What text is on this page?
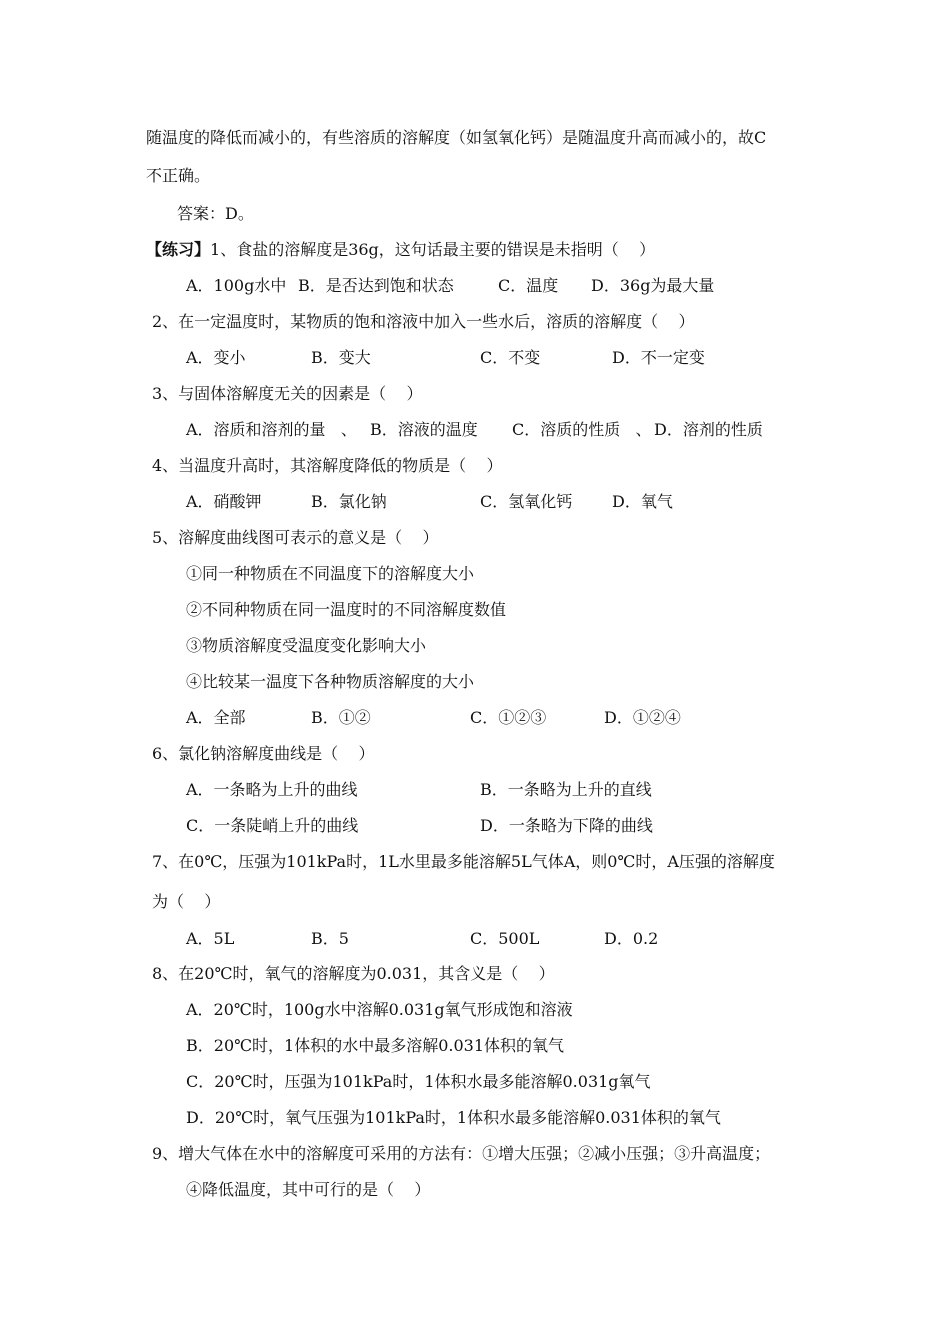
随温度的降低而减小的，有些溶质的溶解度（如氢氧化钙）是随温度升高而减小的，故C
不正确。
答案：D。
【练习】1、食盐的溶解度是36g，这句话最主要的错误是未指明（    ）
A．100g水中 B．是否达到饱和状态	C．温度 D．36g为最大量
2、在一定温度时，某物质的饱和溶液中加入一些水后，溶质的溶解度（    ）
A．变小	B．变大	C．不变	D．不一定变
3、与固体溶解度无关的因素是（    ）
A．溶质和溶剂的量   、 B．溶液的温度 C．溶质的性质   、 D．溶剂的性质
4、当温度升高时，其溶解度降低的物质是（    ）
A．硝酸钾	B．氯化钠	C．氢氧化钙 D．氧气
5、溶解度曲线图可表示的意义是（    ）
①同一种物质在不同温度下的溶解度大小
②不同种物质在同一温度时的不同溶解度数值
③物质溶解度受温度变化影响大小
④比较某一温度下各种物质溶解度的大小
A．全部	B．①②	C．①②③	D．①②④
6、氯化钠溶解度曲线是（    ）
A．一条略为上升的曲线	B．一条略为上升的直线
C．一条陡峭上升的曲线	D．一条略为下降的曲线
7、在0℃，压强为101kPa时，1L水里最多能溶解5L气体A，则0℃时，A压强的溶解度
为（    ）
A．5L	B．5	C．500L	D．0.2
8、在20℃时，氧气的溶解度为0.031，其含义是（    ）
A．20℃时，100g水中溶解0.031g氧气形成饱和溶液
B．20℃时，1体积的水中最多溶解0.031体积的氧气
C．20℃时，压强为101kPa时，1体积水最多能溶解0.031g氧气
D．20℃时，氧气压强为101kPa时，1体积水最多能溶解0.031体积的氧气
9、增大气体在水中的溶解度可采用的方法有：①增大压强；②减小压强；③升高温度；
④降低温度，其中可行的是（    ）
